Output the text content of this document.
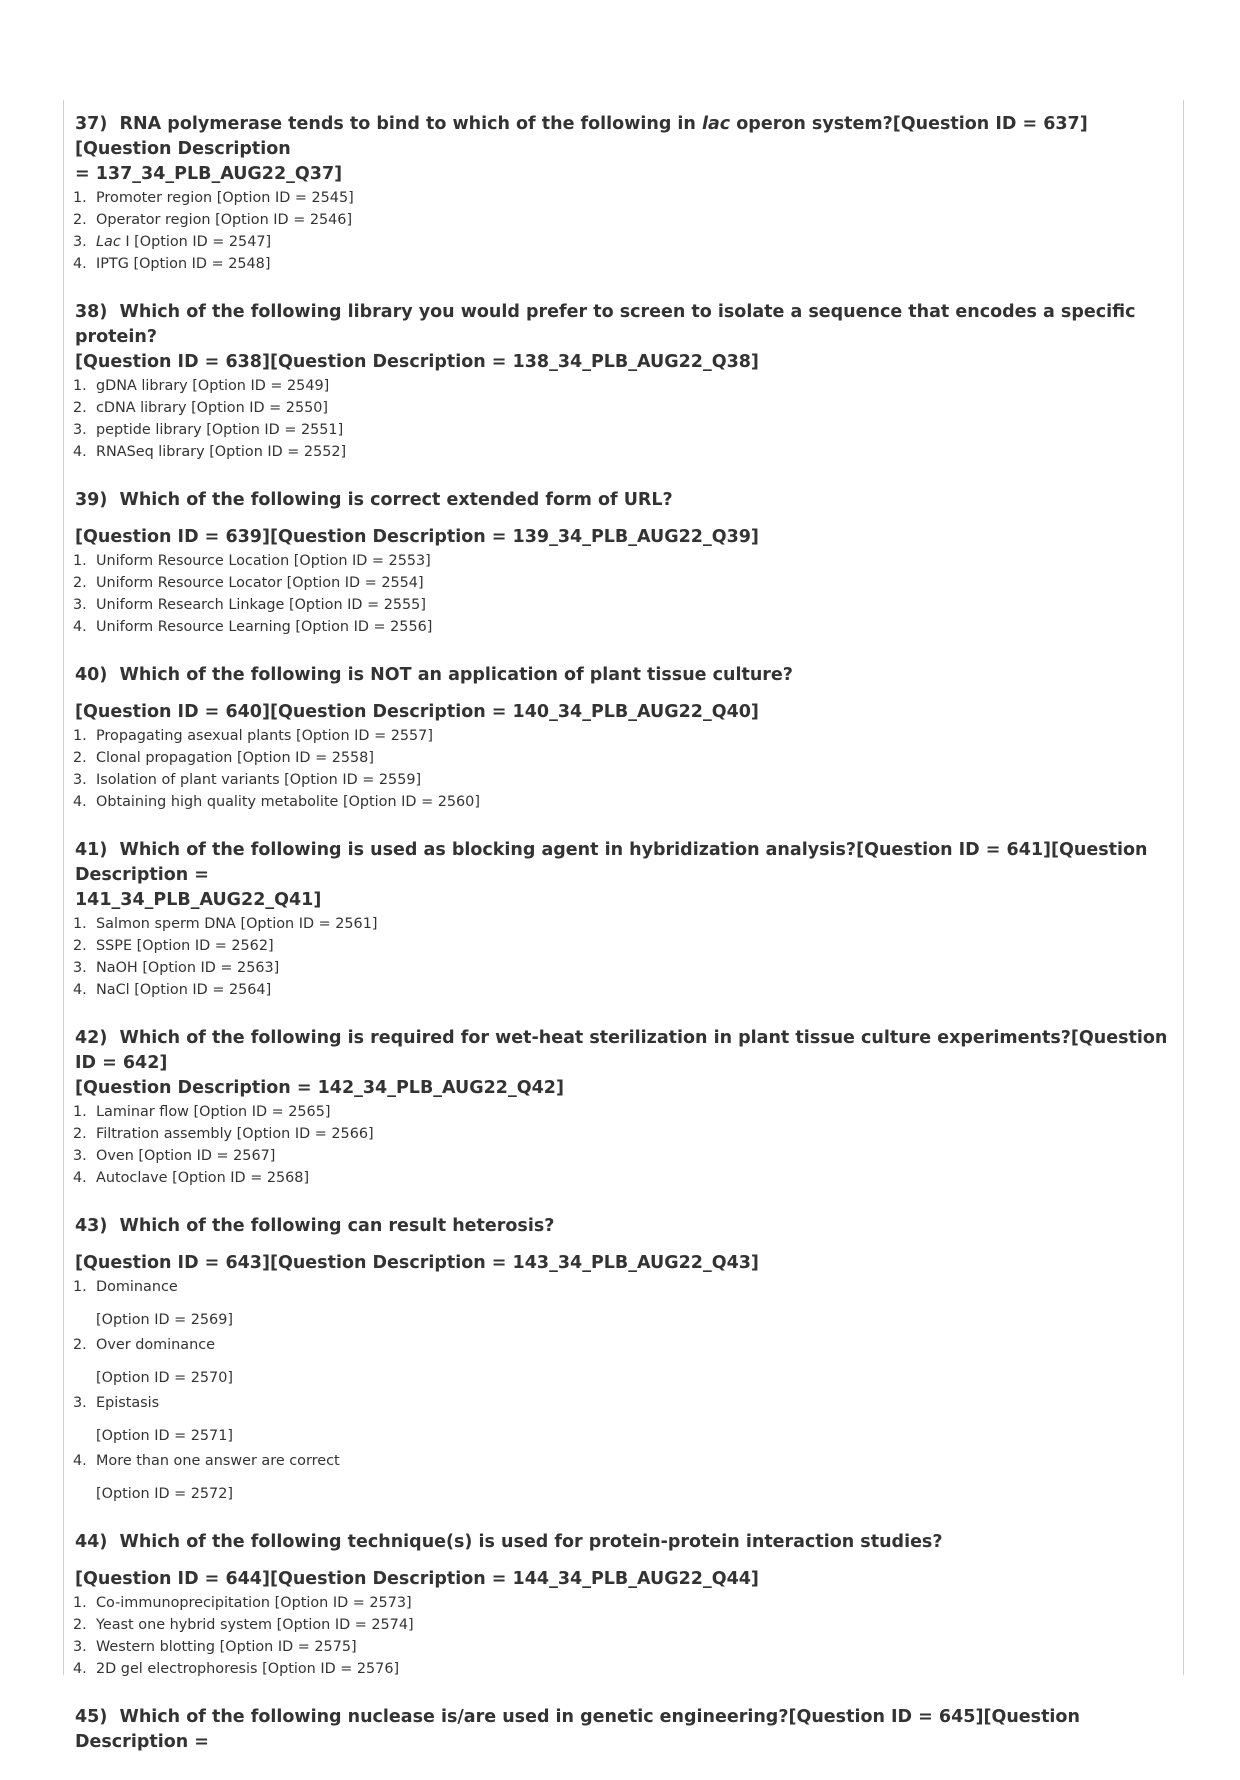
37) RNA polymerase tends to bind to which of the following in lac operon system?[Question ID = 637][Question Description
= 137_34_PLB_AUG22_Q37]

1. Promoter region [Option ID = 2545]
2. Operator region [Option ID = 2546]
3. Lac I [Option ID = 2547]
4. IPTG [Option ID = 2548]

38) Which of the following library you would prefer to screen to isolate a sequence that encodes a specific protein?
[Question ID = 638][Question Description = 138_34_PLB_AUG22_Q38]

1. gDNA library [Option ID = 2549]
2. cDNA library [Option ID = 2550]
3. peptide library [Option ID = 2551]
4. RNASeq library [Option ID = 2552]

39) Which of the following is correct extended form of URL?

[Question ID = 639][Question Description = 139_34_PLB_AUG22_Q39]

1. Uniform Resource Location [Option ID = 2553]
2. Uniform Resource Locator [Option ID = 2554]
3. Uniform Research Linkage [Option ID = 2555]
4. Uniform Resource Learning [Option ID = 2556]

40) Which of the following is NOT an application of plant tissue culture?

[Question ID = 640][Question Description = 140_34_PLB_AUG22_Q40]

1. Propagating asexual plants [Option ID = 2557]
2. Clonal propagation [Option ID = 2558]
3. Isolation of plant variants [Option ID = 2559]
4. Obtaining high quality metabolite [Option ID = 2560]

41) Which of the following is used as blocking agent in hybridization analysis?[Question ID = 641][Question Description =
141_34_PLB_AUG22_Q41]

1. Salmon sperm DNA [Option ID = 2561]
2. SSPE [Option ID = 2562]
3. NaOH [Option ID = 2563]
4. NaCl [Option ID = 2564]

42) Which of the following is required for wet-heat sterilization in plant tissue culture experiments?[Question ID = 642]
[Question Description = 142_34_PLB_AUG22_Q42]

1. Laminar flow [Option ID = 2565]
2. Filtration assembly [Option ID = 2566]
3. Oven [Option ID = 2567]
4. Autoclave [Option ID = 2568]

43) Which of the following can result heterosis?

[Question ID = 643][Question Description = 143_34_PLB_AUG22_Q43]

1. Dominance
[Option ID = 2569]
2. Over dominance
[Option ID = 2570]
3. Epistasis
[Option ID = 2571]
4. More than one answer are correct
[Option ID = 2572]

44) Which of the following technique(s) is used for protein-protein interaction studies?

[Question ID = 644][Question Description = 144_34_PLB_AUG22_Q44]

1. Co-immunoprecipitation [Option ID = 2573]
2. Yeast one hybrid system [Option ID = 2574]
3. Western blotting [Option ID = 2575]
4. 2D gel electrophoresis [Option ID = 2576]

45) Which of the following nuclease is/are used in genetic engineering?[Question ID = 645][Question Description =
